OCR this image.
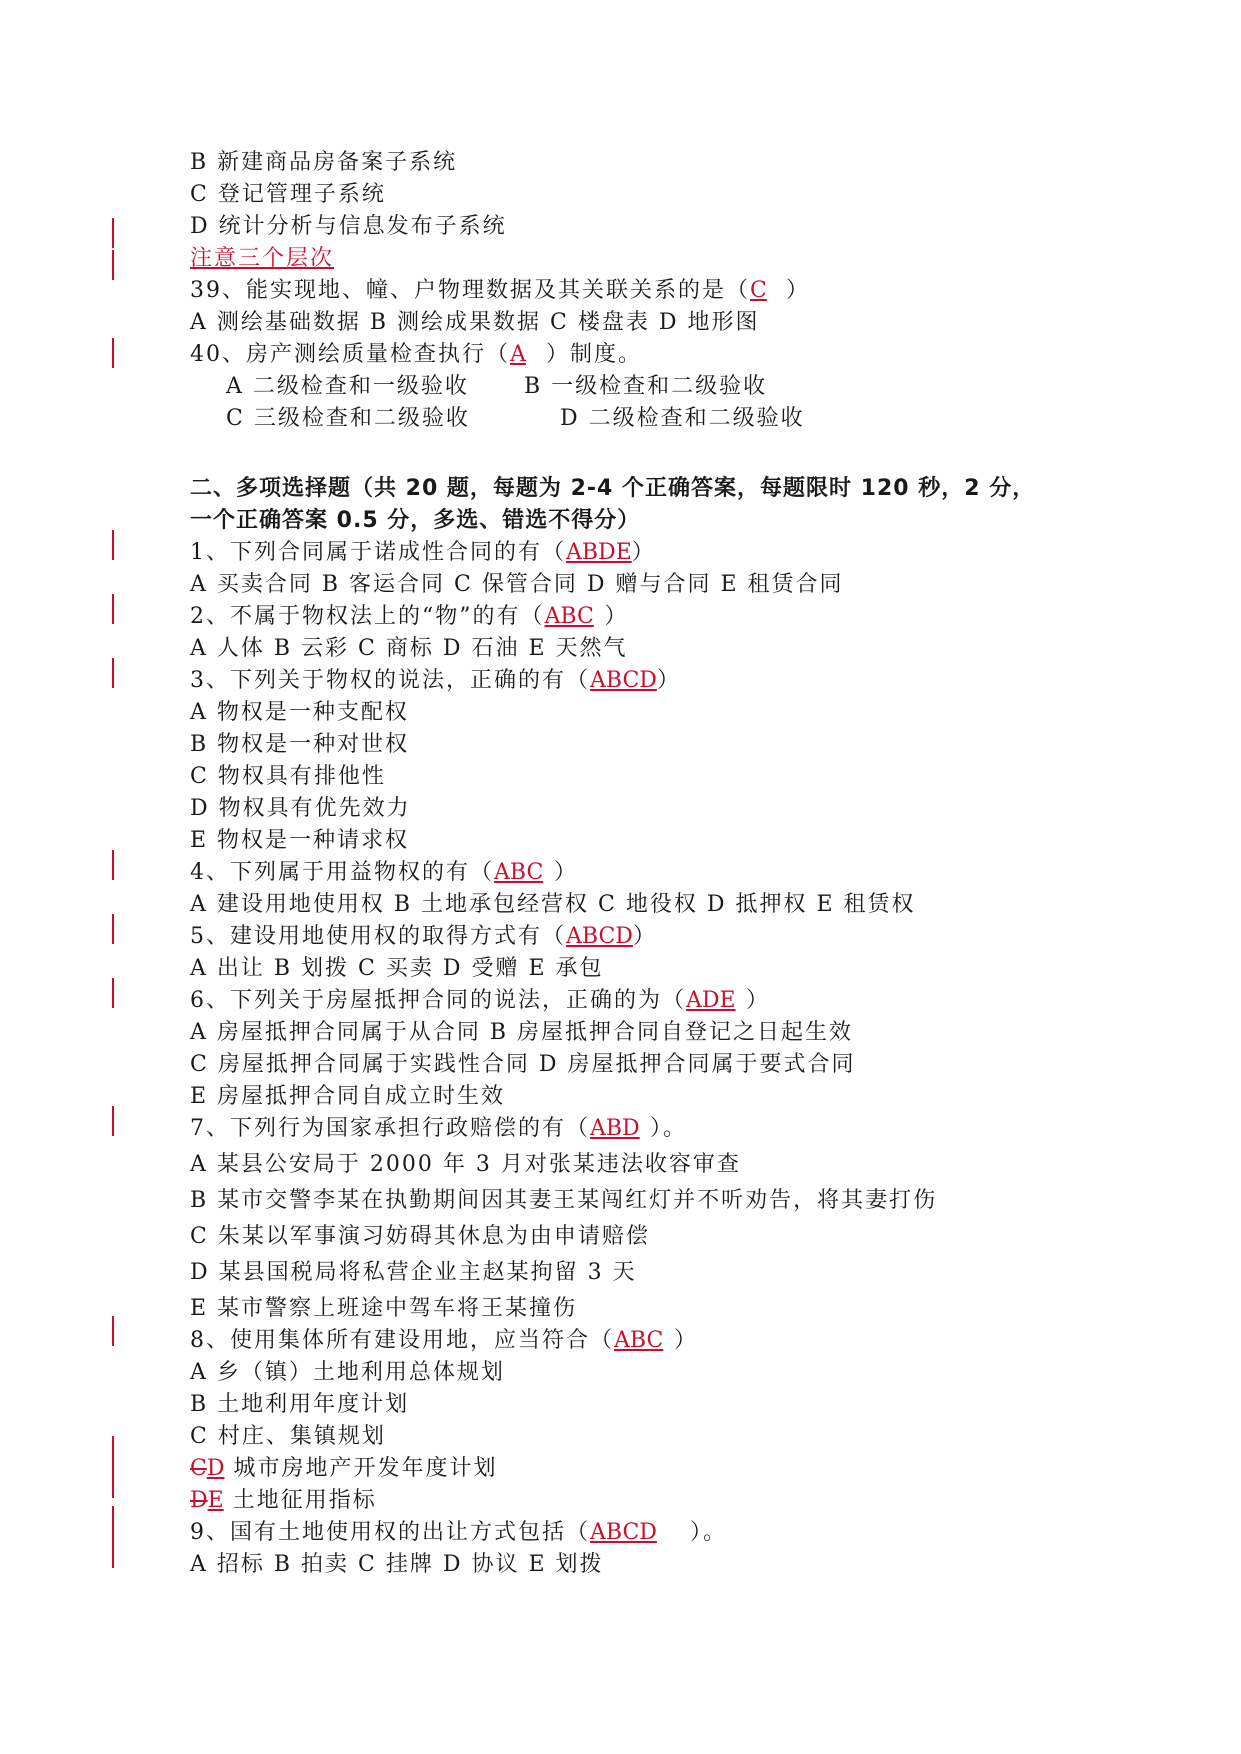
B 新建商品房备案子系统
C 登记管理子系统
D 统计分析与信息发布子系统
注意三个层次
39、能实现地、幢、户物理数据及其关联关系的是（C ）
A 测绘基础数据 B 测绘成果数据 C 楼盘表 D 地形图
40、房产测绘质量检查执行（A ）制度。
A 二级检查和一级验收	B 一级检查和二级验收
C 三级检查和二级验收	D 二级检查和二级验收
二、多项选择题（共 20 题，每题为 2-4 个正确答案，每题限时 120 秒，2 分，
一个正确答案 0.5 分，多选、错选不得分）
1、下列合同属于诺成性合同的有（ABDE）
A 买卖合同 B 客运合同 C 保管合同 D 赠与合同 E 租赁合同
2、不属于物权法上的“物”的有（ABC ）
A 人体 B 云彩 C 商标 D 石油 E 天然气
3、下列关于物权的说法，正确的有（ABCD）
A 物权是一种支配权
B 物权是一种对世权
C 物权具有排他性
D 物权具有优先效力
E 物权是一种请求权
4、下列属于用益物权的有（ABC ）
A 建设用地使用权 B 土地承包经营权 C 地役权 D 抵押权 E 租赁权
5、建设用地使用权的取得方式有（ABCD）
A 出让 B 划拨 C 买卖 D 受赠 E 承包
6、下列关于房屋抵押合同的说法，正确的为（ADE ）
A 房屋抵押合同属于从合同 B 房屋抵押合同自登记之日起生效
C 房屋抵押合同属于实践性合同 D 房屋抵押合同属于要式合同
E 房屋抵押合同自成立时生效
7、下列行为国家承担行政赔偿的有（ABD ）。
A 某县公安局于 2000 年 3 月对张某违法收容审查
B 某市交警李某在执勤期间因其妻王某闯红灯并不听劝告，将其妻打伤
C 朱某以军事演习妨碍其休息为由申请赔偿
D 某县国税局将私营企业主赵某拘留 3 天
E 某市警察上班途中驾车将王某撞伤
8、使用集体所有建设用地，应当符合（ABC ）
A 乡（镇）土地利用总体规划
B 土地利用年度计划
C 村庄、集镇规划
CD 城市房地产开发年度计划
DE 土地征用指标
9、国有土地使用权的出让方式包括（ABCD ）。
A 招标 B 拍卖 C 挂牌 D 协议 E 划拨
